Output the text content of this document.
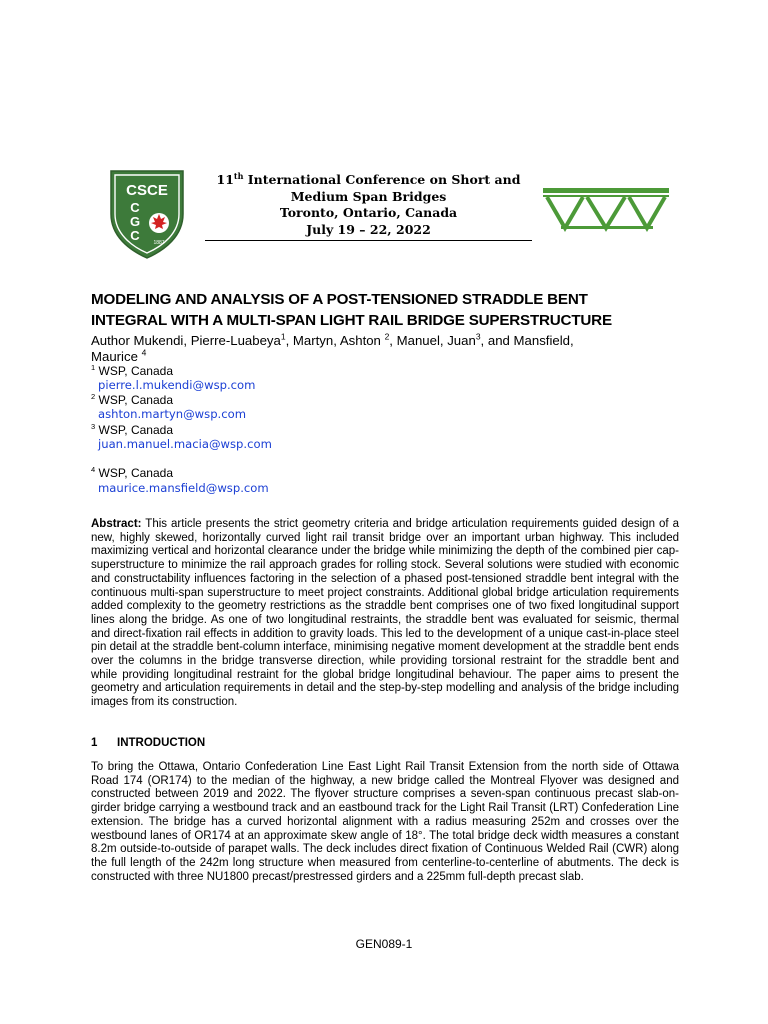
CSCE
C
G
C	1887
11th International Conference on Short and
Medium Span Bridges
Toronto, Ontario, Canada
July 19 – 22, 2022
MODELING AND ANALYSIS OF A POST-TENSIONED STRADDLE BENT
INTEGRAL WITH A MULTI-SPAN LIGHT RAIL BRIDGE SUPERSTRUCTURE
Author Mukendi, Pierre-Luabeya$^1$, Martyn, Ashton $^2$, Manuel, Juan$^3$, and Mansfield,
Maurice $^4$
$^1$ WSP, Canada
pierre.l.mukendi@wsp.com
$^2$ WSP, Canada
ashton.martyn@wsp.com
$^3$ WSP, Canada
juan.manuel.macia@wsp.com
$^4$ WSP, Canada
maurice.mansfield@wsp.com

Abstract: This article presents the strict geometry criteria and bridge articulation requirements guided design of a new, highly skewed, horizontally curved light rail transit bridge over an important urban highway. This included maximizing vertical and horizontal clearance under the bridge while minimizing the depth of the combined pier cap-superstructure to minimize the rail approach grades for rolling stock. Several solutions were studied with economic and constructability influences factoring in the selection of a phased post-tensioned straddle bent integral with the continuous multi-span superstructure to meet project constraints. Additional global bridge articulation requirements added complexity to the geometry restrictions as the straddle bent comprises one of two fixed longitudinal support lines along the bridge. As one of two longitudinal restraints, the straddle bent was evaluated for seismic, thermal and direct-fixation rail effects in addition to gravity loads. This led to the development of a unique cast-in-place steel pin detail at the straddle bent-column interface, minimising negative moment development at the straddle bent ends over the columns in the bridge transverse direction, while providing torsional restraint for the straddle bent and while providing longitudinal restraint for the global bridge longitudinal behaviour. The paper aims to present the geometry and articulation requirements in detail and the step-by-step modelling and analysis of the bridge including images from its construction.

1 INTRODUCTION

To bring the Ottawa, Ontario Confederation Line East Light Rail Transit Extension from the north side of Ottawa Road 174 (OR174) to the median of the highway, a new bridge called the Montreal Flyover was designed and constructed between 2019 and 2022. The flyover structure comprises a seven-span continuous precast slab-on-girder bridge carrying a westbound track and an eastbound track for the Light Rail Transit (LRT) Confederation Line extension. The bridge has a curved horizontal alignment with a radius measuring 252m and crosses over the westbound lanes of OR174 at an approximate skew angle of 18°. The total bridge deck width measures a constant 8.2m outside-to-outside of parapet walls. The deck includes direct fixation of Continuous Welded Rail (CWR) along the full length of the 242m long structure when measured from centerline-to-centerline of abutments. The deck is constructed with three NU1800 precast/prestressed girders and a 225mm full-depth precast slab.

GEN089-1
